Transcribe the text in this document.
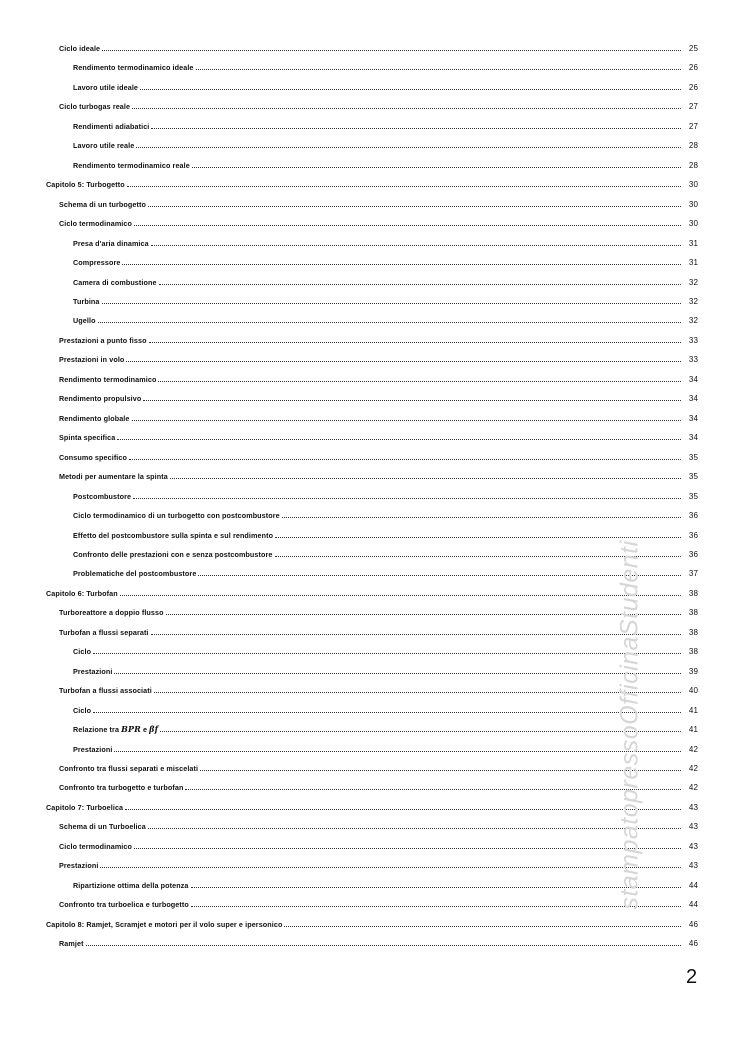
Ciclo ideale	25
Rendimento termodinamico ideale	26
Lavoro utile ideale	26
Ciclo turbogas reale	27
Rendimenti adiabatici	27
Lavoro utile reale	28
Rendimento termodinamico reale	28
Capitolo 5: Turbogetto	30
Schema di un turbogetto	30
Ciclo termodinamico	30
Presa d'aria dinamica	31
Compressore	31
Camera di combustione	32
Turbina	32
Ugello	32
Prestazioni a punto fisso	33
Prestazioni in volo	33
Rendimento termodinamico	34
Rendimento propulsivo	34
Rendimento globale	34
Spinta specifica	34
Consumo specifico	35
Metodi per aumentare la spinta	35
Postcombustore	35
Ciclo termodinamico di un turbogetto con postcombustore	36
Effetto del postcombustore sulla spinta e sul rendimento	36
Confronto delle prestazioni con e senza postcombustore	36
Problematiche del postcombustore	37
Capitolo 6: Turbofan	38
Turboreattore a doppio flusso	38
Turbofan a flussi separati	38
Ciclo	38
Prestazioni	39
Turbofan a flussi associati	40
Ciclo	41
Relazione tra BPR e βf	41
Prestazioni	42
Confronto tra flussi separati e miscelati	42
Confronto tra turbogetto e turbofan	42
Capitolo 7: Turboelica	43
Schema di un Turboelica	43
Ciclo termodinamico	43
Prestazioni	43
Ripartizione ottima della potenza	44
Confronto tra turboelica e turbogetto	44
Capitolo 8: Ramjet, Scramjet e motori per il volo super e ipersonico	46
Ramjet	46
stampatopressoOfficinaStudenti
2
